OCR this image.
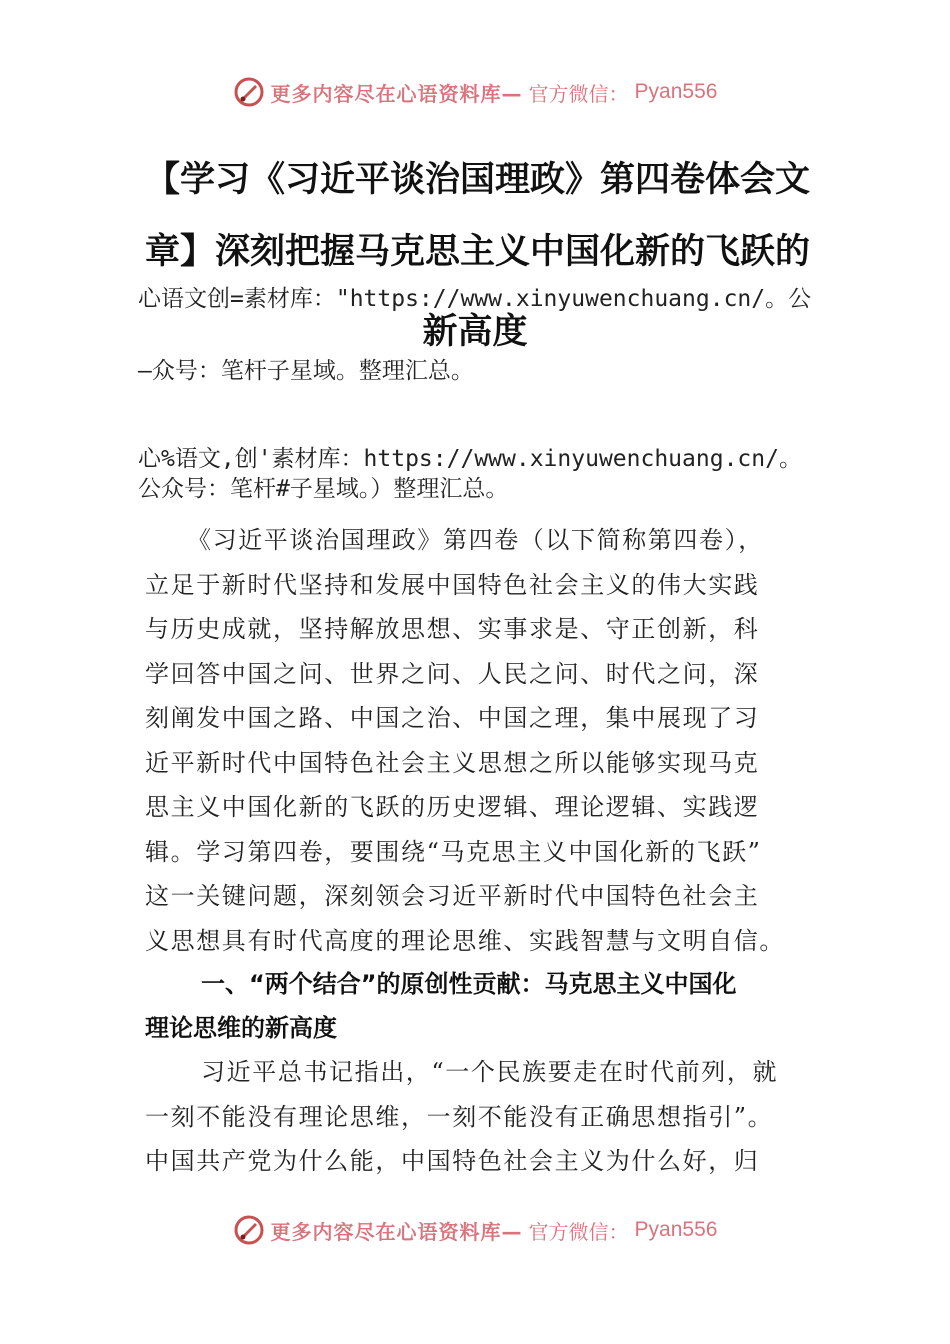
更多内容尽在心语资料库— 官方微信： Pyan556
【学习《习近平谈治国理政》第四卷体会文
章】深刻把握马克思主义中国化新的飞跃的
心语文创=素材库："https://www.xinyuwenchuang.cn/。公
新高度
—众号：笔杆子星域。整理汇总。
心%语文,创'素材库：https://www.xinyuwenchuang.cn/。
公众号：笔杆#子星域。）整理汇总。
《习近平谈治国理政》第四卷（以下简称第四卷），
立足于新时代坚持和发展中国特色社会主义的伟大实践
与历史成就，坚持解放思想、实事求是、守正创新，科
学回答中国之问、世界之问、人民之问、时代之问，深
刻阐发中国之路、中国之治、中国之理，集中展现了习
近平新时代中国特色社会主义思想之所以能够实现马克
思主义中国化新的飞跃的历史逻辑、理论逻辑、实践逻
辑。学习第四卷，要围绕“马克思主义中国化新的飞跃”
这一关键问题，深刻领会习近平新时代中国特色社会主
义思想具有时代高度的理论思维、实践智慧与文明自信。
一、“两个结合”的原创性贡献：马克思主义中国化
理论思维的新高度
习近平总书记指出，“一个民族要走在时代前列，就
一刻不能没有理论思维，一刻不能没有正确思想指引”。
中国共产党为什么能，中国特色社会主义为什么好，归
更多内容尽在心语资料库— 官方微信： Pyan556
